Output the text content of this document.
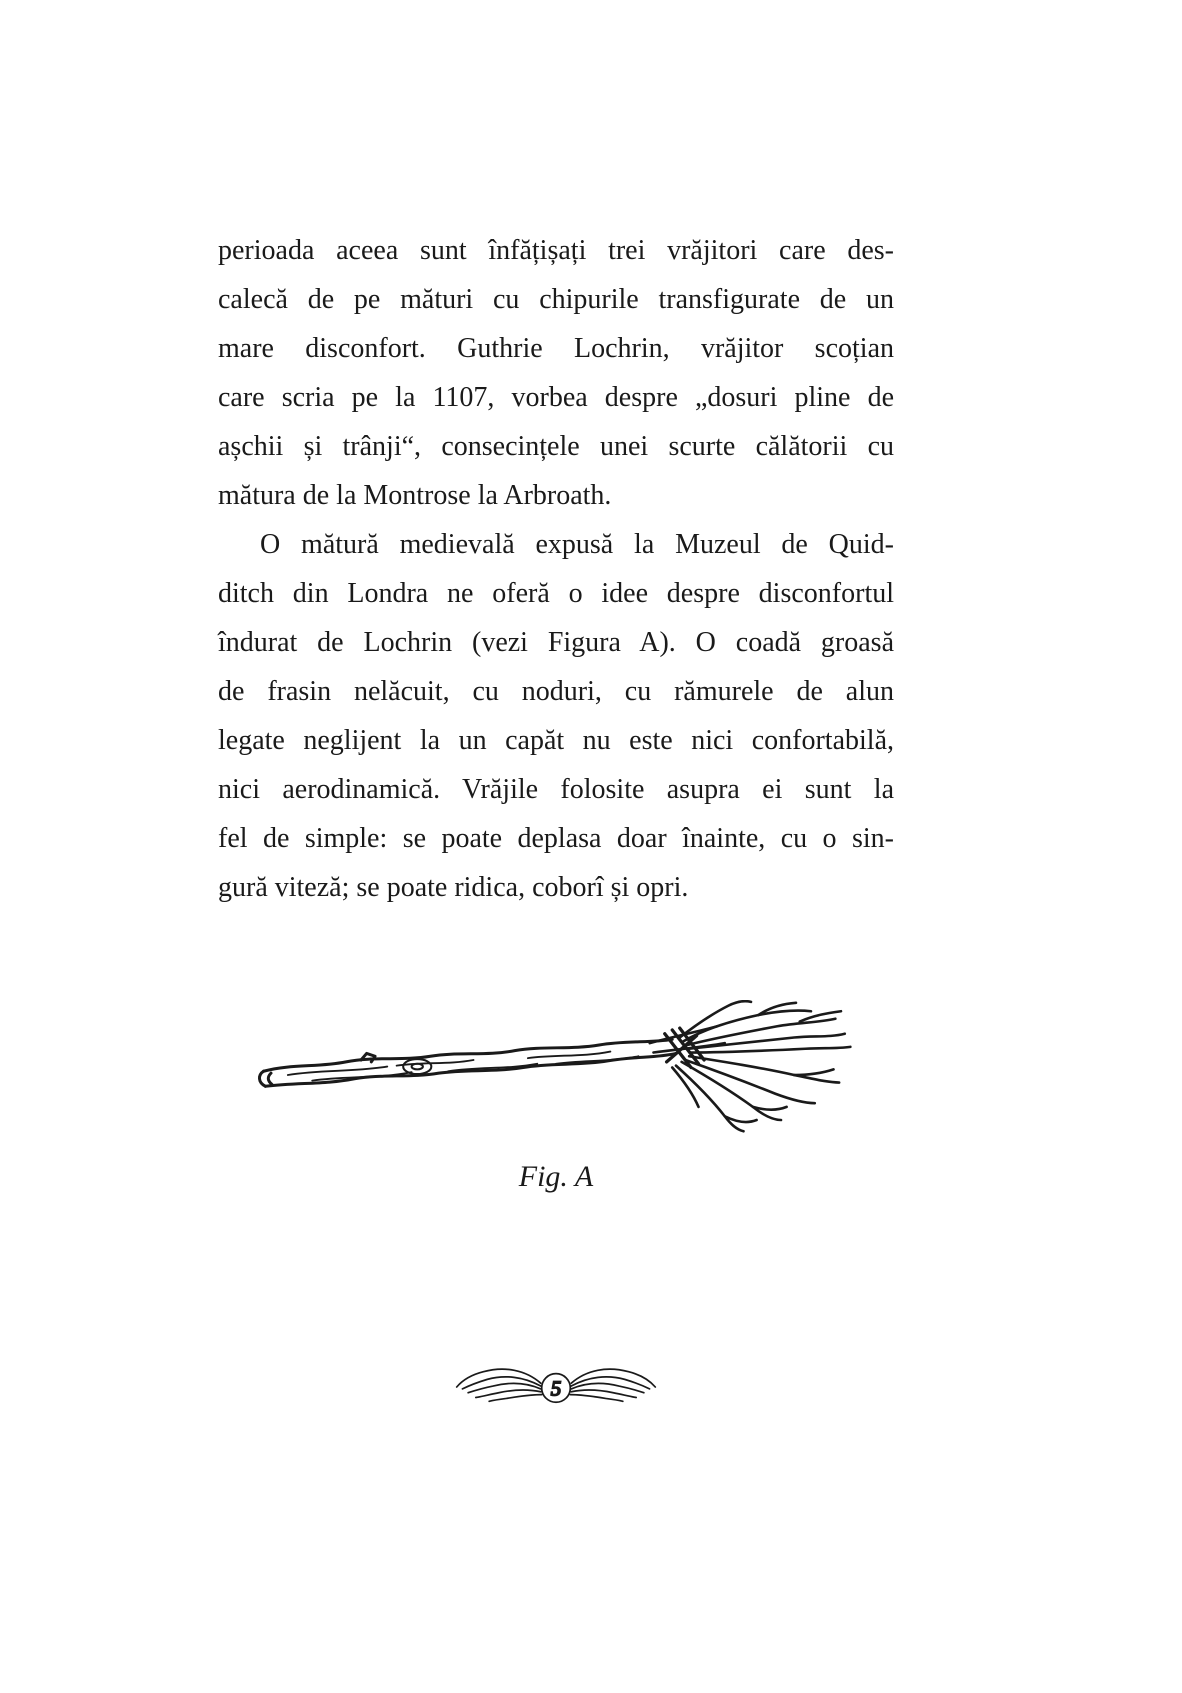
perioada aceea sunt înfățișați trei vrăjitori care des-
calecă de pe mături cu chipurile transfigurate de un
mare disconfort. Guthrie Lochrin, vrăjitor scoțian
care scria pe la 1107, vorbea despre „dosuri pline de
așchii și trânji“, consecințele unei scurte călătorii cu
mătura de la Montrose la Arbroath.

O mătură medievală expusă la Muzeul de Quid-
ditch din Londra ne oferă o idee despre disconfortul
îndurat de Lochrin (vezi Figura A). O coadă groasă
de frasin nelăcuit, cu noduri, cu rămurele de alun
legate neglijent la un capăt nu este nici confortabilă,
nici aerodinamică. Vrăjile folosite asupra ei sunt la
fel de simple: se poate deplasa doar înainte, cu o sin-
gură viteză; se poate ridica, coborî și opri.

Fig. A
5
